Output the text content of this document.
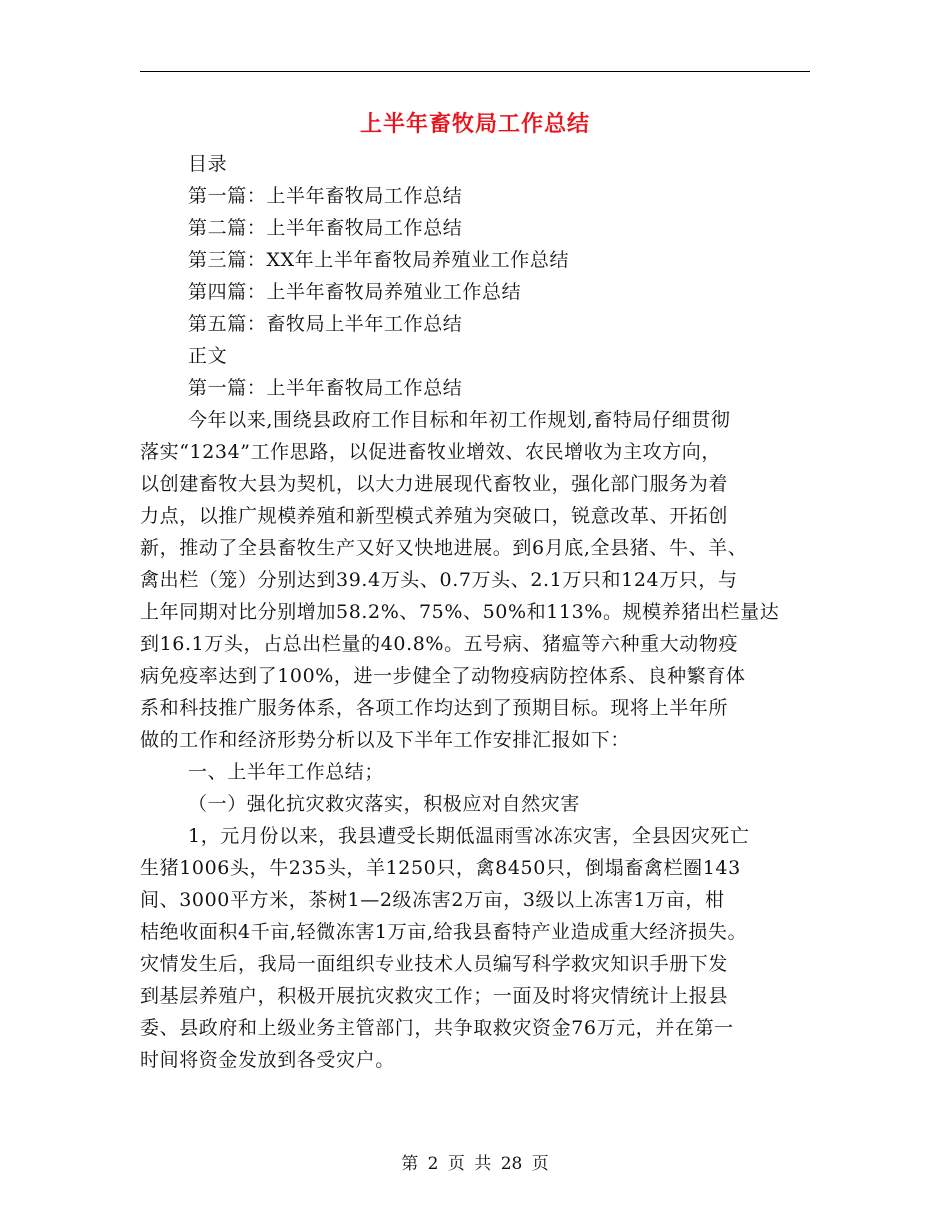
上半年畜牧局工作总结
目录
第一篇：上半年畜牧局工作总结
第二篇：上半年畜牧局工作总结
第三篇：XX年上半年畜牧局养殖业工作总结
第四篇：上半年畜牧局养殖业工作总结
第五篇：畜牧局上半年工作总结
正文
第一篇：上半年畜牧局工作总结
今年以来,围绕县政府工作目标和年初工作规划,畜特局仔细贯彻
落实“1234”工作思路，以促进畜牧业增效、农民增收为主攻方向，
以创建畜牧大县为契机，以大力进展现代畜牧业，强化部门服务为着
力点，以推广规模养殖和新型模式养殖为突破口，锐意改革、开拓创
新，推动了全县畜牧生产又好又快地进展。到6月底,全县猪、牛、羊、
禽出栏（笼）分别达到39.4万头、0.7万头、2.1万只和124万只，与
上年同期对比分别增加58.2%、75%、50%和113%。规模养猪出栏量达
到16.1万头，占总出栏量的40.8%。五号病、猪瘟等六种重大动物疫
病免疫率达到了100%，进一步健全了动物疫病防控体系、良种繁育体
系和科技推广服务体系，各项工作均达到了预期目标。现将上半年所
做的工作和经济形势分析以及下半年工作安排汇报如下：
一、上半年工作总结；
（一）强化抗灾救灾落实，积极应对自然灾害
1，元月份以来，我县遭受长期低温雨雪冰冻灾害，全县因灾死亡
生猪1006头，牛235头，羊1250只，禽8450只，倒塌畜禽栏圈143
间、3000平方米，茶树1—2级冻害2万亩，3级以上冻害1万亩，柑
桔绝收面积4千亩,轻微冻害1万亩,给我县畜特产业造成重大经济损失。
灾情发生后，我局一面组织专业技术人员编写科学救灾知识手册下发
到基层养殖户，积极开展抗灾救灾工作；一面及时将灾情统计上报县
委、县政府和上级业务主管部门，共争取救灾资金76万元，并在第一
时间将资金发放到各受灾户。
第 2 页 共 28 页
